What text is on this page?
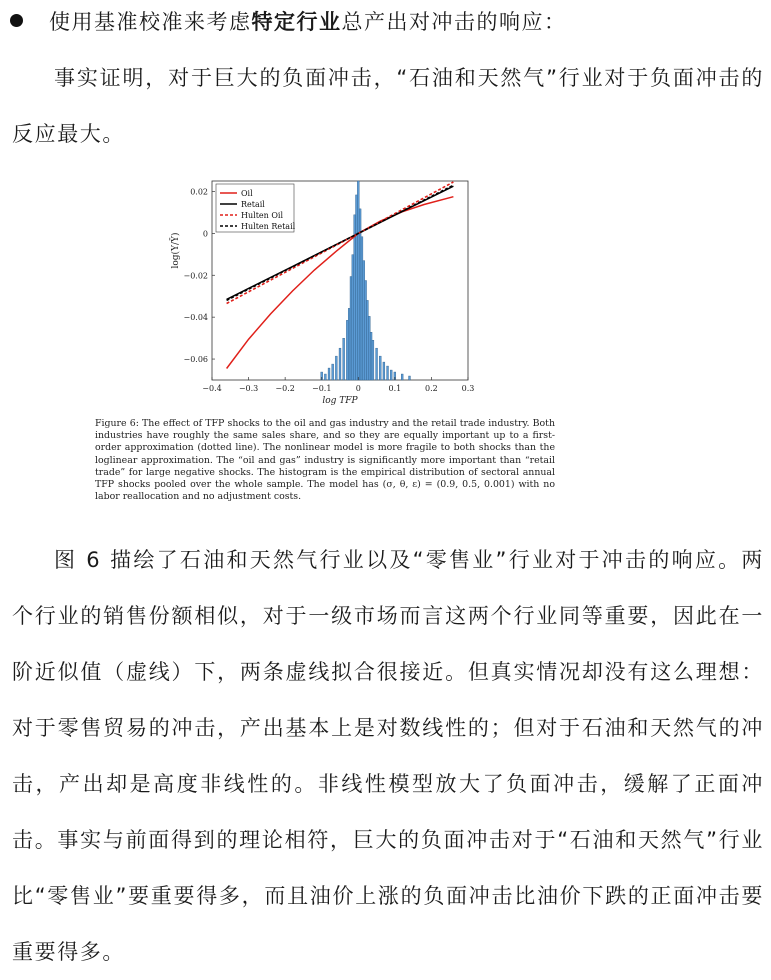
使用基准校准来考虑特定行业总产出对冲击的响应：
事实证明，对于巨大的负面冲击，“石油和天然气”行业对于负面冲击的反应最大。
−0.4 −0.3 −0.2 −0.1	0	0.1	0.2	0.3
0.02
0
−0.02
−0.04
−0.06
log TFP
log(Y/Ȳ)
Oil
Retail
Hulten Oil
Hulten Retail
Figure 6: The effect of TFP shocks to the oil and gas industry and the retail trade industry. Both industries have roughly the same sales share, and so they are equally important up to a first-order approximation (dotted line). The nonlinear model is more fragile to both shocks than the loglinear approximation. The “oil and gas” industry is significantly more important than “retail trade” for large negative shocks. The histogram is the empirical distribution of sectoral annual TFP shocks pooled over the whole sample. The model has (σ, θ, ε) = (0.9, 0.5, 0.001) with no labor reallocation and no adjustment costs.
图 6 描绘了石油和天然气行业以及“零售业”行业对于冲击的响应。两个行业的销售份额相似，对于一级市场而言这两个行业同等重要，因此在一阶近似值（虚线）下，两条虚线拟合很接近。但真实情况却没有这么理想：对于零售贸易的冲击，产出基本上是对数线性的；但对于石油和天然气的冲击，产出却是高度非线性的。非线性模型放大了负面冲击，缓解了正面冲击。事实与前面得到的理论相符，巨大的负面冲击对于“石油和天然气”行业比“零售业”要重要得多，而且油价上涨的负面冲击比油价下跌的正面冲击要重要得多。
